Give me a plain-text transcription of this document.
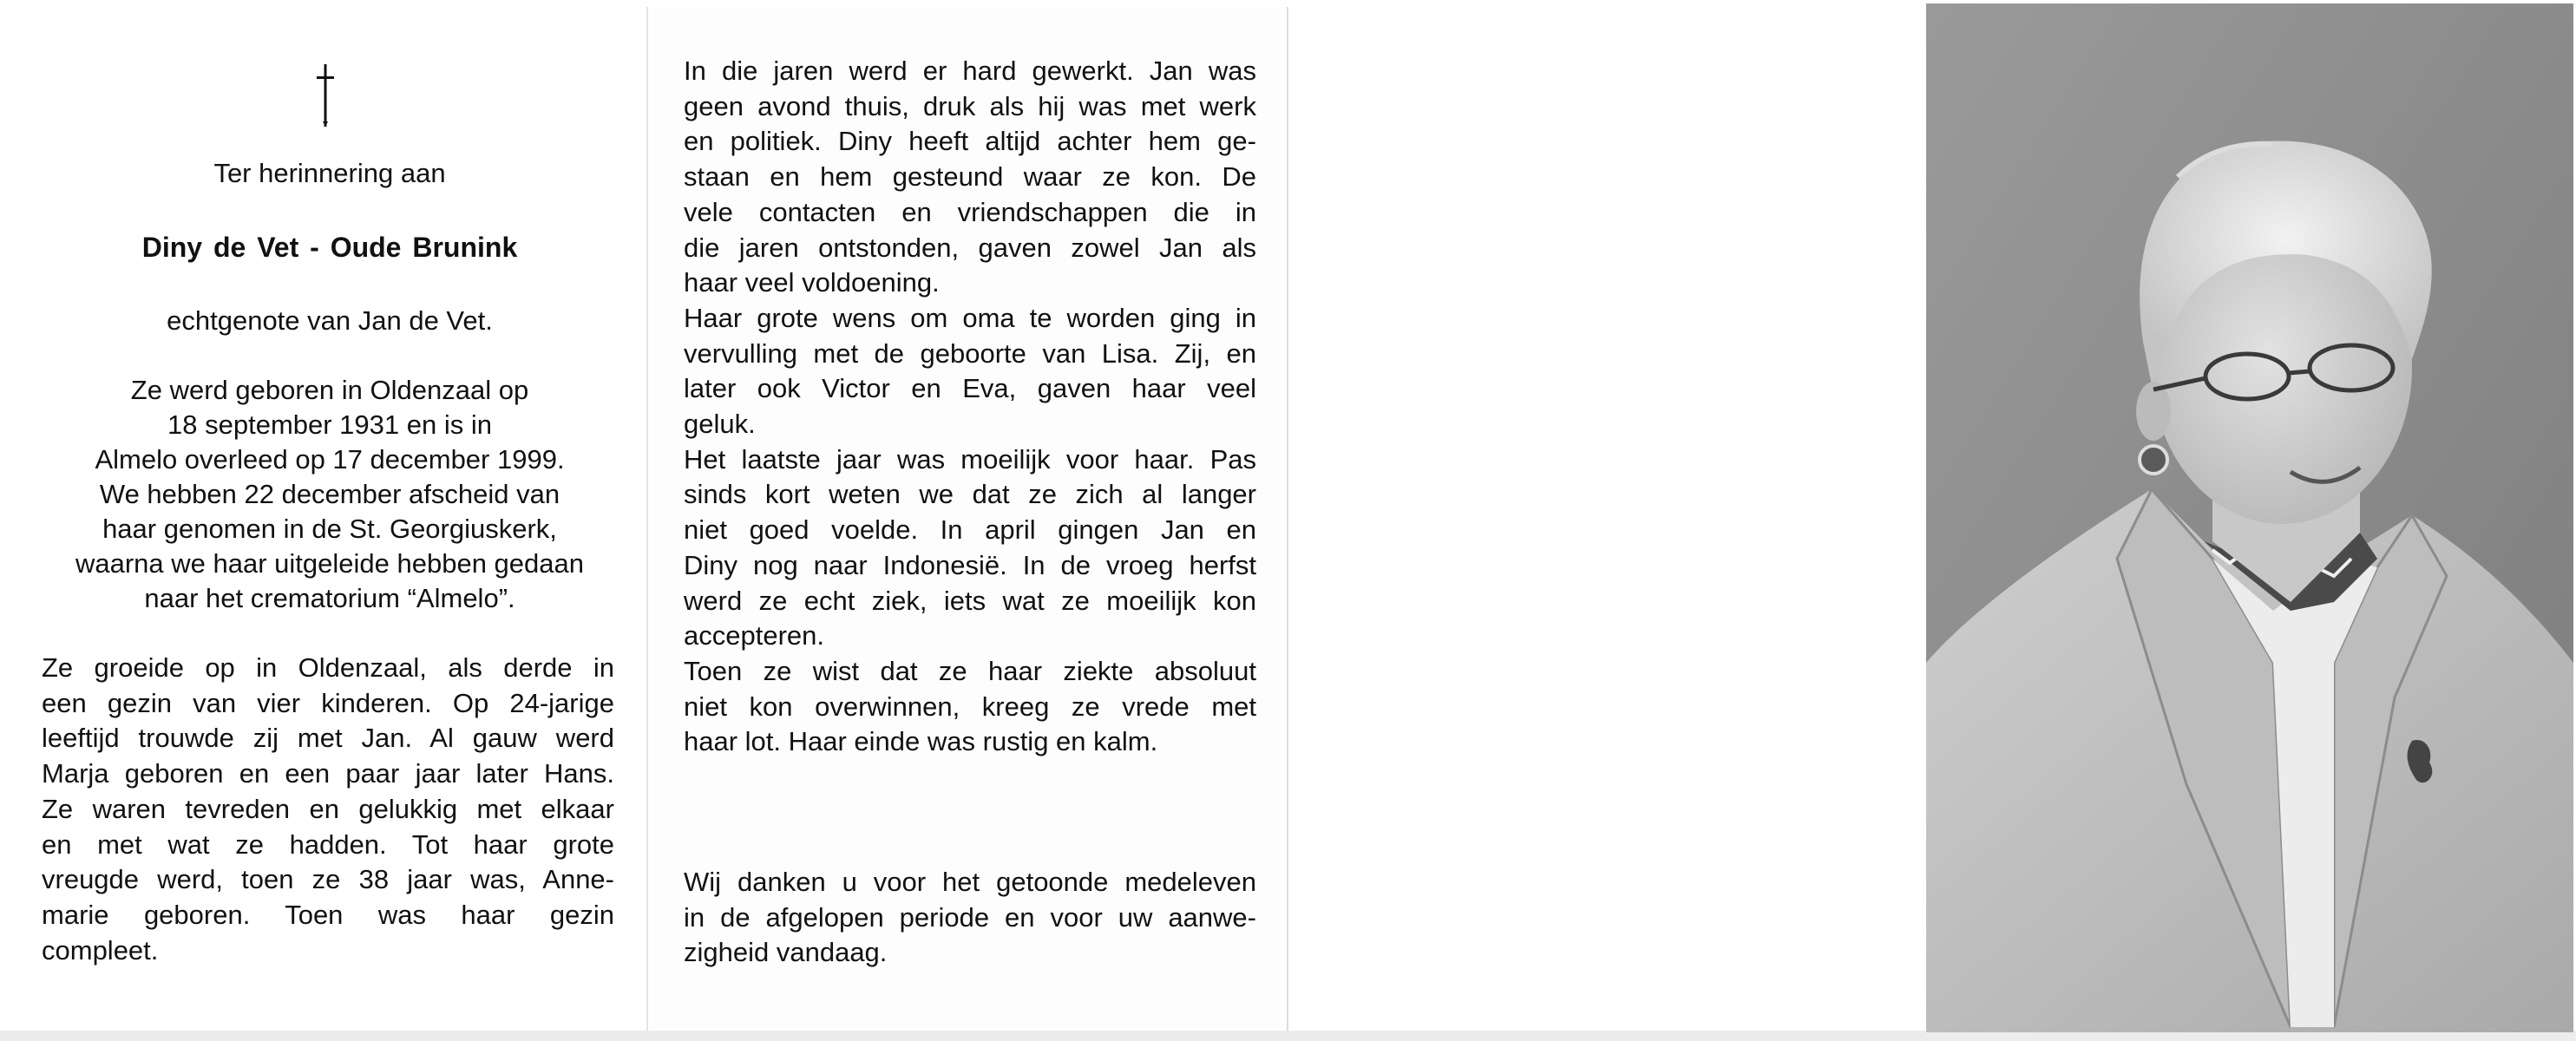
Ter herinnering aan
Diny de Vet - Oude Brunink
echtgenote van Jan de Vet.
Ze werd geboren in Oldenzaal op
18 september 1931 en is in
Almelo overleed op 17 december 1999.
We hebben 22 december afscheid van
haar genomen in de St. Georgiuskerk,
waarna we haar uitgeleide hebben gedaan
naar het crematorium “Almelo”.
Ze groeide op in Oldenzaal, als derde in
een gezin van vier kinderen. Op 24-jarige
leeftijd trouwde zij met Jan. Al gauw werd
Marja geboren en een paar jaar later Hans.
Ze waren tevreden en gelukkig met elkaar
en met wat ze hadden. Tot haar grote
vreugde werd, toen ze 38 jaar was, Anne-
marie geboren. Toen was haar gezin
compleet.
In die jaren werd er hard gewerkt. Jan was
geen avond thuis, druk als hij was met werk
en politiek. Diny heeft altijd achter hem ge-
staan en hem gesteund waar ze kon. De
vele contacten en vriendschappen die in
die jaren ontstonden, gaven zowel Jan als
haar veel voldoening.
Haar grote wens om oma te worden ging in
vervulling met de geboorte van Lisa. Zij, en
later ook Victor en Eva, gaven haar veel
geluk.
Het laatste jaar was moeilijk voor haar. Pas
sinds kort weten we dat ze zich al langer
niet goed voelde. In april gingen Jan en
Diny nog naar Indonesië. In de vroeg herfst
werd ze echt ziek, iets wat ze moeilijk kon
accepteren.
Toen ze wist dat ze haar ziekte absoluut
niet kon overwinnen, kreeg ze vrede met
haar lot. Haar einde was rustig en kalm.
Wij danken u voor het getoonde medeleven
in de afgelopen periode en voor uw aanwe-
zigheid vandaag.
